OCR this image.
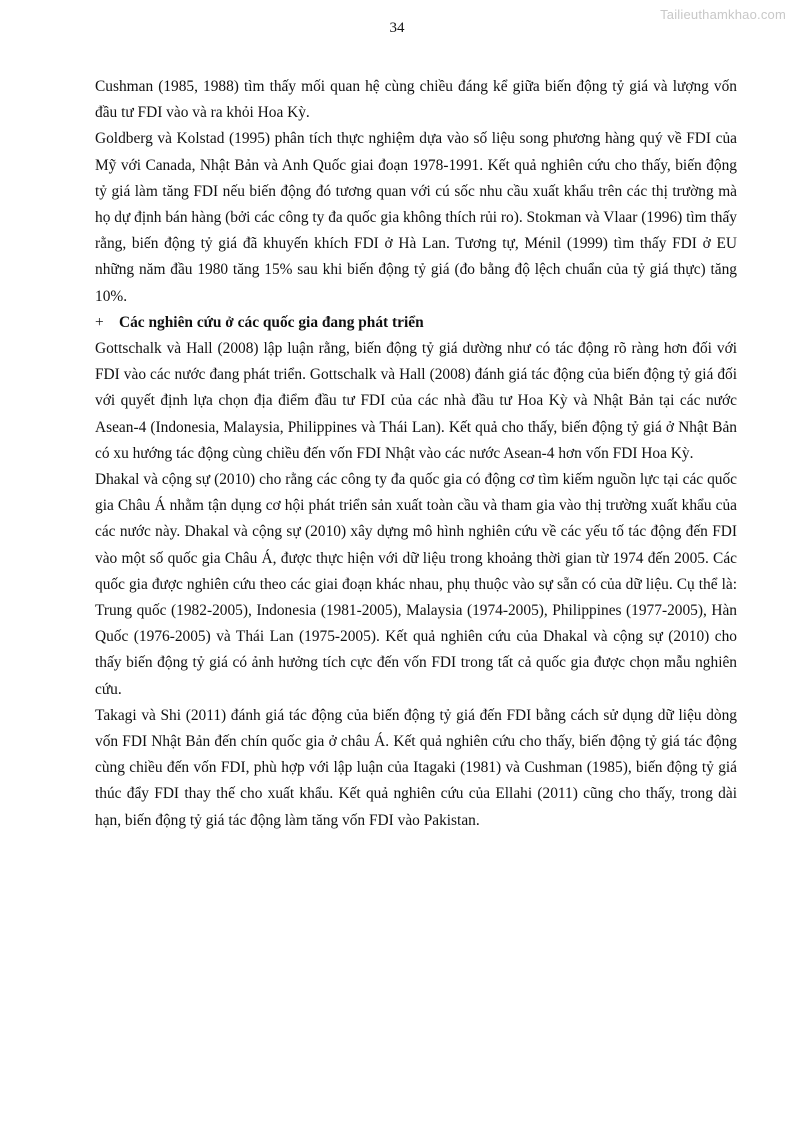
Tailieuthamkhao.com
34

Cushman (1985, 1988) tìm thấy mối quan hệ cùng chiều đáng kể giữa biến động tỷ giá và lượng vốn đầu tư FDI vào và ra khỏi Hoa Kỳ.

Goldberg và Kolstad (1995) phân tích thực nghiệm dựa vào số liệu song phương hàng quý về FDI của Mỹ với Canada, Nhật Bản và Anh Quốc giai đoạn 1978-1991. Kết quả nghiên cứu cho thấy, biến động tỷ giá làm tăng FDI nếu biến động đó tương quan với cú sốc nhu cầu xuất khẩu trên các thị trường mà họ dự định bán hàng (bởi các công ty đa quốc gia không thích rủi ro). Stokman và Vlaar (1996) tìm thấy rằng, biến động tỷ giá đã khuyến khích FDI ở Hà Lan. Tương tự, Ménil (1999) tìm thấy FDI ở EU những năm đầu 1980 tăng 15% sau khi biến động tỷ giá (đo bằng độ lệch chuẩn của tỷ giá thực) tăng 10%.

+ Các nghiên cứu ở các quốc gia đang phát triển

Gottschalk và Hall (2008) lập luận rằng, biến động tỷ giá dường như có tác động rõ ràng hơn đối với FDI vào các nước đang phát triển. Gottschalk và Hall (2008) đánh giá tác động của biến động tỷ giá đối với quyết định lựa chọn địa điểm đầu tư FDI của các nhà đầu tư Hoa Kỳ và Nhật Bản tại các nước Asean-4 (Indonesia, Malaysia, Philippines và Thái Lan). Kết quả cho thấy, biến động tỷ giá ở Nhật Bản có xu hướng tác động cùng chiều đến vốn FDI Nhật vào các nước Asean-4 hơn vốn FDI Hoa Kỳ.

Dhakal và cộng sự (2010) cho rằng các công ty đa quốc gia có động cơ tìm kiếm nguồn lực tại các quốc gia Châu Á nhằm tận dụng cơ hội phát triển sản xuất toàn cầu và tham gia vào thị trường xuất khẩu của các nước này. Dhakal và cộng sự (2010) xây dựng mô hình nghiên cứu về các yếu tố tác động đến FDI vào một số quốc gia Châu Á, được thực hiện với dữ liệu trong khoảng thời gian từ 1974 đến 2005. Các quốc gia được nghiên cứu theo các giai đoạn khác nhau, phụ thuộc vào sự sẵn có của dữ liệu. Cụ thể là: Trung quốc (1982-2005), Indonesia (1981-2005), Malaysia (1974-2005), Philippines (1977-2005), Hàn Quốc (1976-2005) và Thái Lan (1975-2005). Kết quả nghiên cứu của Dhakal và cộng sự (2010) cho thấy biến động tỷ giá có ảnh hưởng tích cực đến vốn FDI trong tất cả quốc gia được chọn mẫu nghiên cứu.

Takagi và Shi (2011) đánh giá tác động của biến động tỷ giá đến FDI bằng cách sử dụng dữ liệu dòng vốn FDI Nhật Bản đến chín quốc gia ở châu Á. Kết quả nghiên cứu cho thấy, biến động tỷ giá tác động cùng chiều đến vốn FDI, phù hợp với lập luận của Itagaki (1981) và Cushman (1985), biến động tỷ giá thúc đẩy FDI thay thế cho xuất khẩu. Kết quả nghiên cứu của Ellahi (2011) cũng cho thấy, trong dài hạn, biến động tỷ giá tác động làm tăng vốn FDI vào Pakistan.
